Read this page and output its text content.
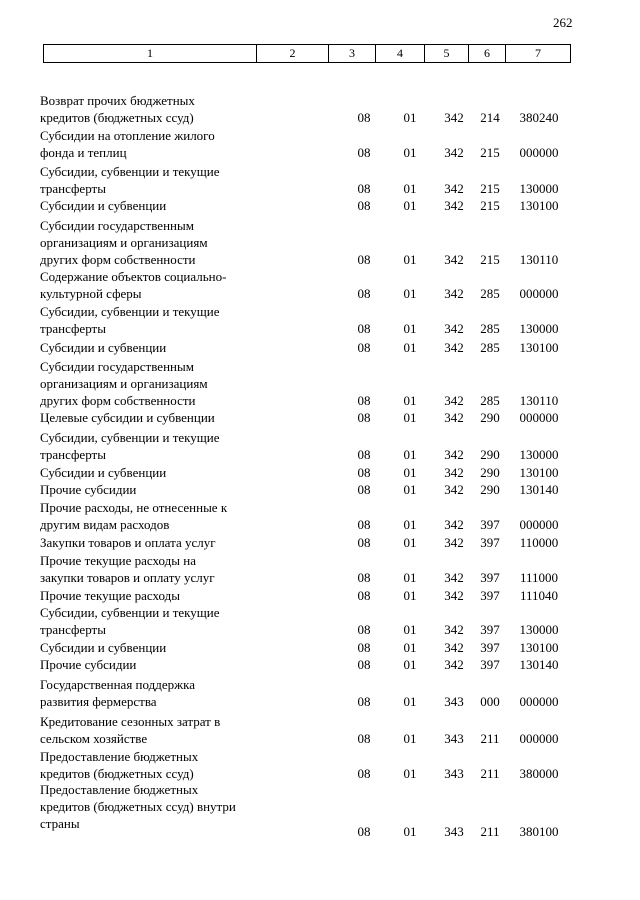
262
1	2	3	4	5	6	7
Возврат прочих бюджетных
кредитов (бюджетных ссуд)	08	01	342	214	380240
Субсидии на отопление жилого
фонда и теплиц	08	01	342	215	000000
Субсидии, субвенции и текущие
трансферты	08	01	342	215	130000
Субсидии и субвенции	08	01	342	215	130100
Субсидии государственным
организациям и организациям
других форм собственности	08	01	342	215	130110
Содержание объектов социально-
культурной сферы	08	01	342	285	000000
Субсидии, субвенции и текущие
трансферты	08	01	342	285	130000
Субсидии и субвенции	08	01	342	285	130100
Субсидии государственным
организациям и организациям
других форм собственности	08	01	342	285	130110
Целевые субсидии и субвенции	08	01	342	290	000000
Субсидии, субвенции и текущие
трансферты	08	01	342	290	130000
Субсидии и субвенции	08	01	342	290	130100
Прочие субсидии	08	01	342	290	130140
Прочие расходы, не отнесенные к
другим видам расходов	08	01	342	397	000000
Закупки товаров и оплата услуг	08	01	342	397	110000
Прочие текущие расходы на
закупки товаров и оплату услуг	08	01	342	397	111000
Прочие текущие расходы	08	01	342	397	111040
Субсидии, субвенции и текущие
трансферты	08	01	342	397	130000
Субсидии и субвенции	08	01	342	397	130100
Прочие субсидии	08	01	342	397	130140
Государственная поддержка
развития фермерства	08	01	343	000	000000
Кредитование сезонных затрат в
сельском хозяйстве	08	01	343	211	000000
Предоставление бюджетных
кредитов (бюджетных ссуд)	08	01	343	211	380000
Предоставление бюджетных
кредитов (бюджетных ссуд) внутри
страны
08	01	343	211	380100
